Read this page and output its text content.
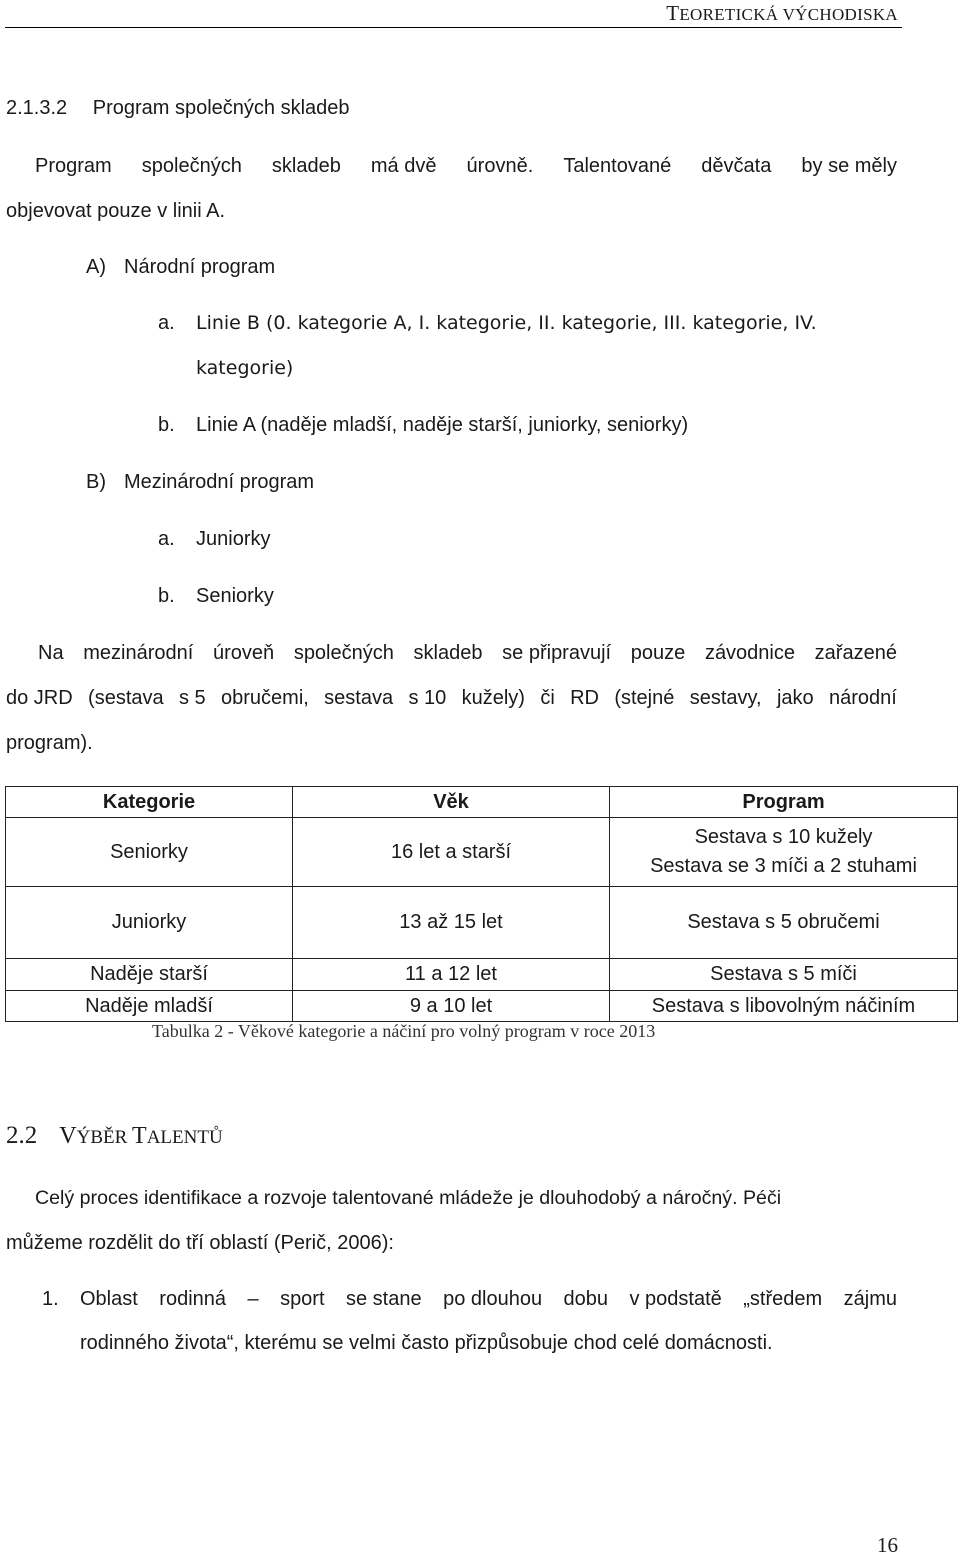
TEORETICKÁ VÝCHODISKA
2.1.3.2 Program společných skladeb
Program společných skladeb má dvě úrovně. Talentované děvčata by se měly
objevovat pouze v linii A.
A) Národní program
a. Linie B (0. kategorie A, I. kategorie, II. kategorie, III. kategorie, IV.
kategorie)
b. Linie A (naděje mladší, naděje starší, juniorky, seniorky)
B) Mezinárodní program
a. Juniorky
b. Seniorky
Na mezinárodní úroveň společných skladeb se připravují pouze závodnice zařazené
do JRD (sestava s 5 obručemi, sestava s 10 kužely) či RD (stejné sestavy, jako národní
program).
Kategorie	Věk	Program
Seniorky	16 let a starší	Sestava s 10 kužely
Sestava se 3 míči a 2 stuhami

Juniorky	13 až 15 let	Sestava s 5 obručemi
Naděje starší	11 a 12 let	Sestava s 5 míči
Naděje mladší	9 a 10 let	Sestava s libovolným náčiním
Tabulka 2 - Věkové kategorie a náčiní pro volný program v roce 2013
2.2 VÝBĚR TALENTŮ
Celý proces identifikace a rozvoje talentované mládeže je dlouhodobý a náročný. Péči
můžeme rozdělit do tří oblastí (Perič, 2006):
1. Oblast rodinná – sport se stane po dlouhou dobu v podstatě „středem zájmu
rodinného života“, kterému se velmi často přizpůsobuje chod celé domácnosti.
16
